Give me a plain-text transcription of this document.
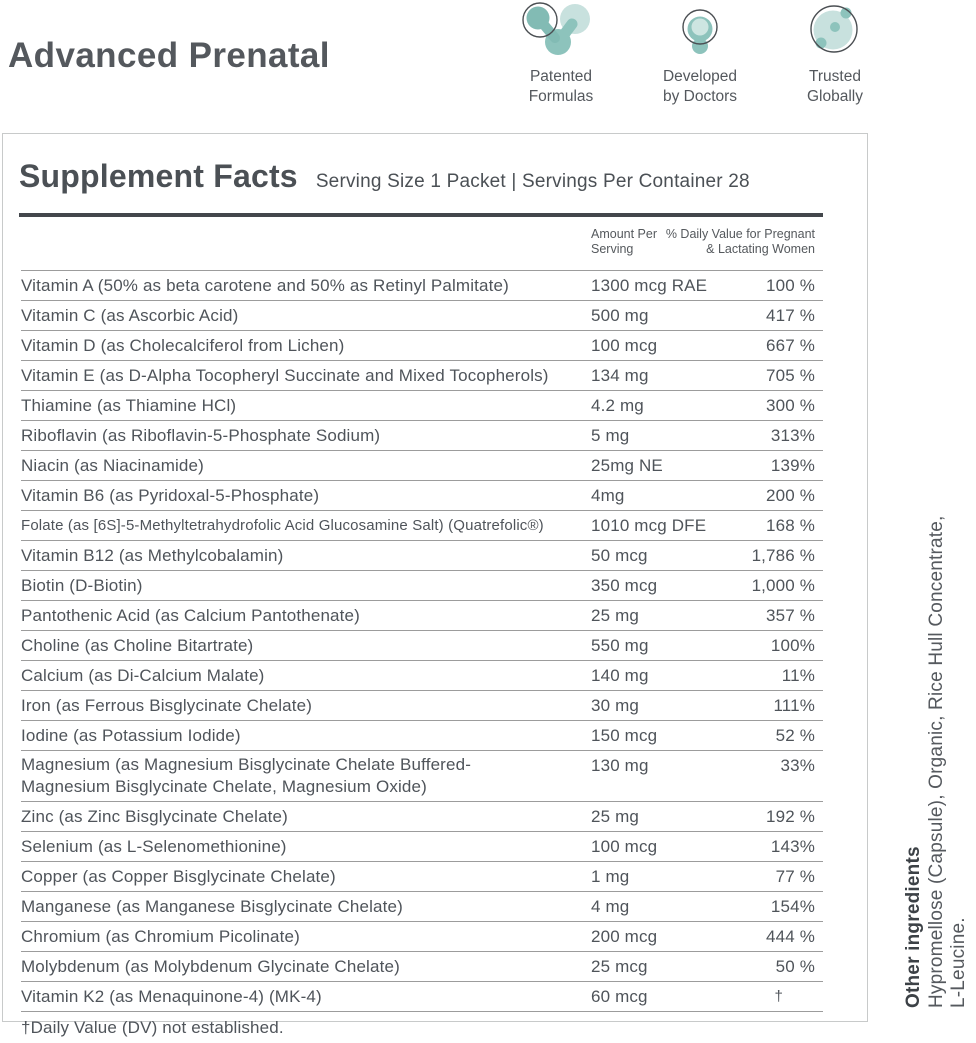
Advanced Prenatal
Patented
Formulas
Developed
by Doctors
Trusted
Globally
Supplement Facts Serving Size 1 Packet | Servings Per Container 28
Amount Per
Serving
% Daily Value for Pregnant
& Lactating Women
Vitamin A (50% as beta carotene and 50% as Retinyl Palmitate)	1300 mcg RAE	100 %
Vitamin C (as Ascorbic Acid)	500 mg	417 %
Vitamin D (as Cholecalciferol from Lichen)	100 mcg	667 %
Vitamin E (as D-Alpha Tocopheryl Succinate and Mixed Tocopherols)	134 mg	705 %
Thiamine (as Thiamine HCl)	4.2 mg	300 %
Riboflavin (as Riboflavin-5-Phosphate Sodium)	5 mg	313%
Niacin (as Niacinamide)	25mg NE	139%
Vitamin B6 (as Pyridoxal-5-Phosphate)	4mg	200 %
Folate (as [6S]-5-Methyltetrahydrofolic Acid Glucosamine Salt) (Quatrefolic®)	1010 mcg DFE	168 %
Vitamin B12 (as Methylcobalamin)	50 mcg	1,786 %
Biotin (D-Biotin)	350 mcg	1,000 %
Pantothenic Acid (as Calcium Pantothenate)	25 mg	357 %
Choline (as Choline Bitartrate)	550 mg	100%
Calcium (as Di-Calcium Malate)	140 mg	11%
Iron (as Ferrous Bisglycinate Chelate)	30 mg	111%
Iodine (as Potassium Iodide)	150 mcg	52 %
Magnesium (as Magnesium Bisglycinate Chelate Buffered-
Magnesium Bisglycinate Chelate, Magnesium Oxide)
130 mg	33%
Zinc (as Zinc Bisglycinate Chelate)	25 mg	192 %
Selenium (as L-Selenomethionine)	100 mcg	143%
Copper (as Copper Bisglycinate Chelate)	1 mg	77 %
Manganese (as Manganese Bisglycinate Chelate)	4 mg	154%
Chromium (as Chromium Picolinate)	200 mcg	444 %
Molybdenum (as Molybdenum Glycinate Chelate)	25 mcg	50 %
Vitamin K2 (as Menaquinone-4) (MK-4)	60 mcg	†
†Daily Value (DV) not established.
Other ingredients Hypromellose (Capsule), Organic, Rice Hull Concentrate, L-Leucine.
